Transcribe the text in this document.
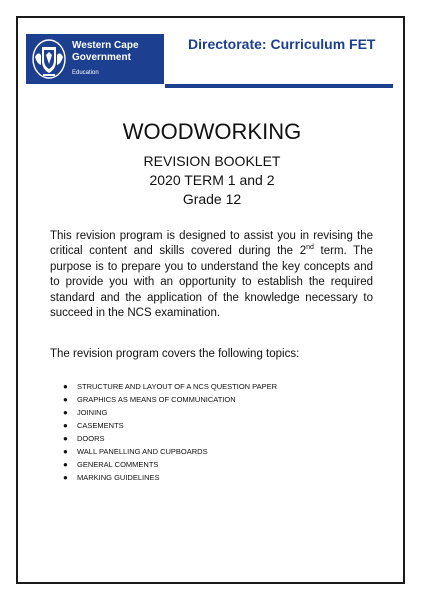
Western Cape
Government
Education
Directorate: Curriculum FET
WOODWORKING
REVISION BOOKLET
2020 TERM 1 and 2
Grade 12

This revision program is designed to assist you in revising the critical content and skills covered during the 2nd term. The purpose is to prepare you to understand the key concepts and to provide you with an opportunity to establish the required standard and the application of the knowledge necessary to succeed in the NCS examination.

The revision program covers the following topics:

● STRUCTURE AND LAYOUT OF A NCS QUESTION PAPER
● GRAPHICS AS MEANS OF COMMUNICATION
● JOINING
● CASEMENTS
● DOORS
● WALL PANELLING AND CUPBOARDS
● GENERAL COMMENTS
● MARKING GUIDELINES
